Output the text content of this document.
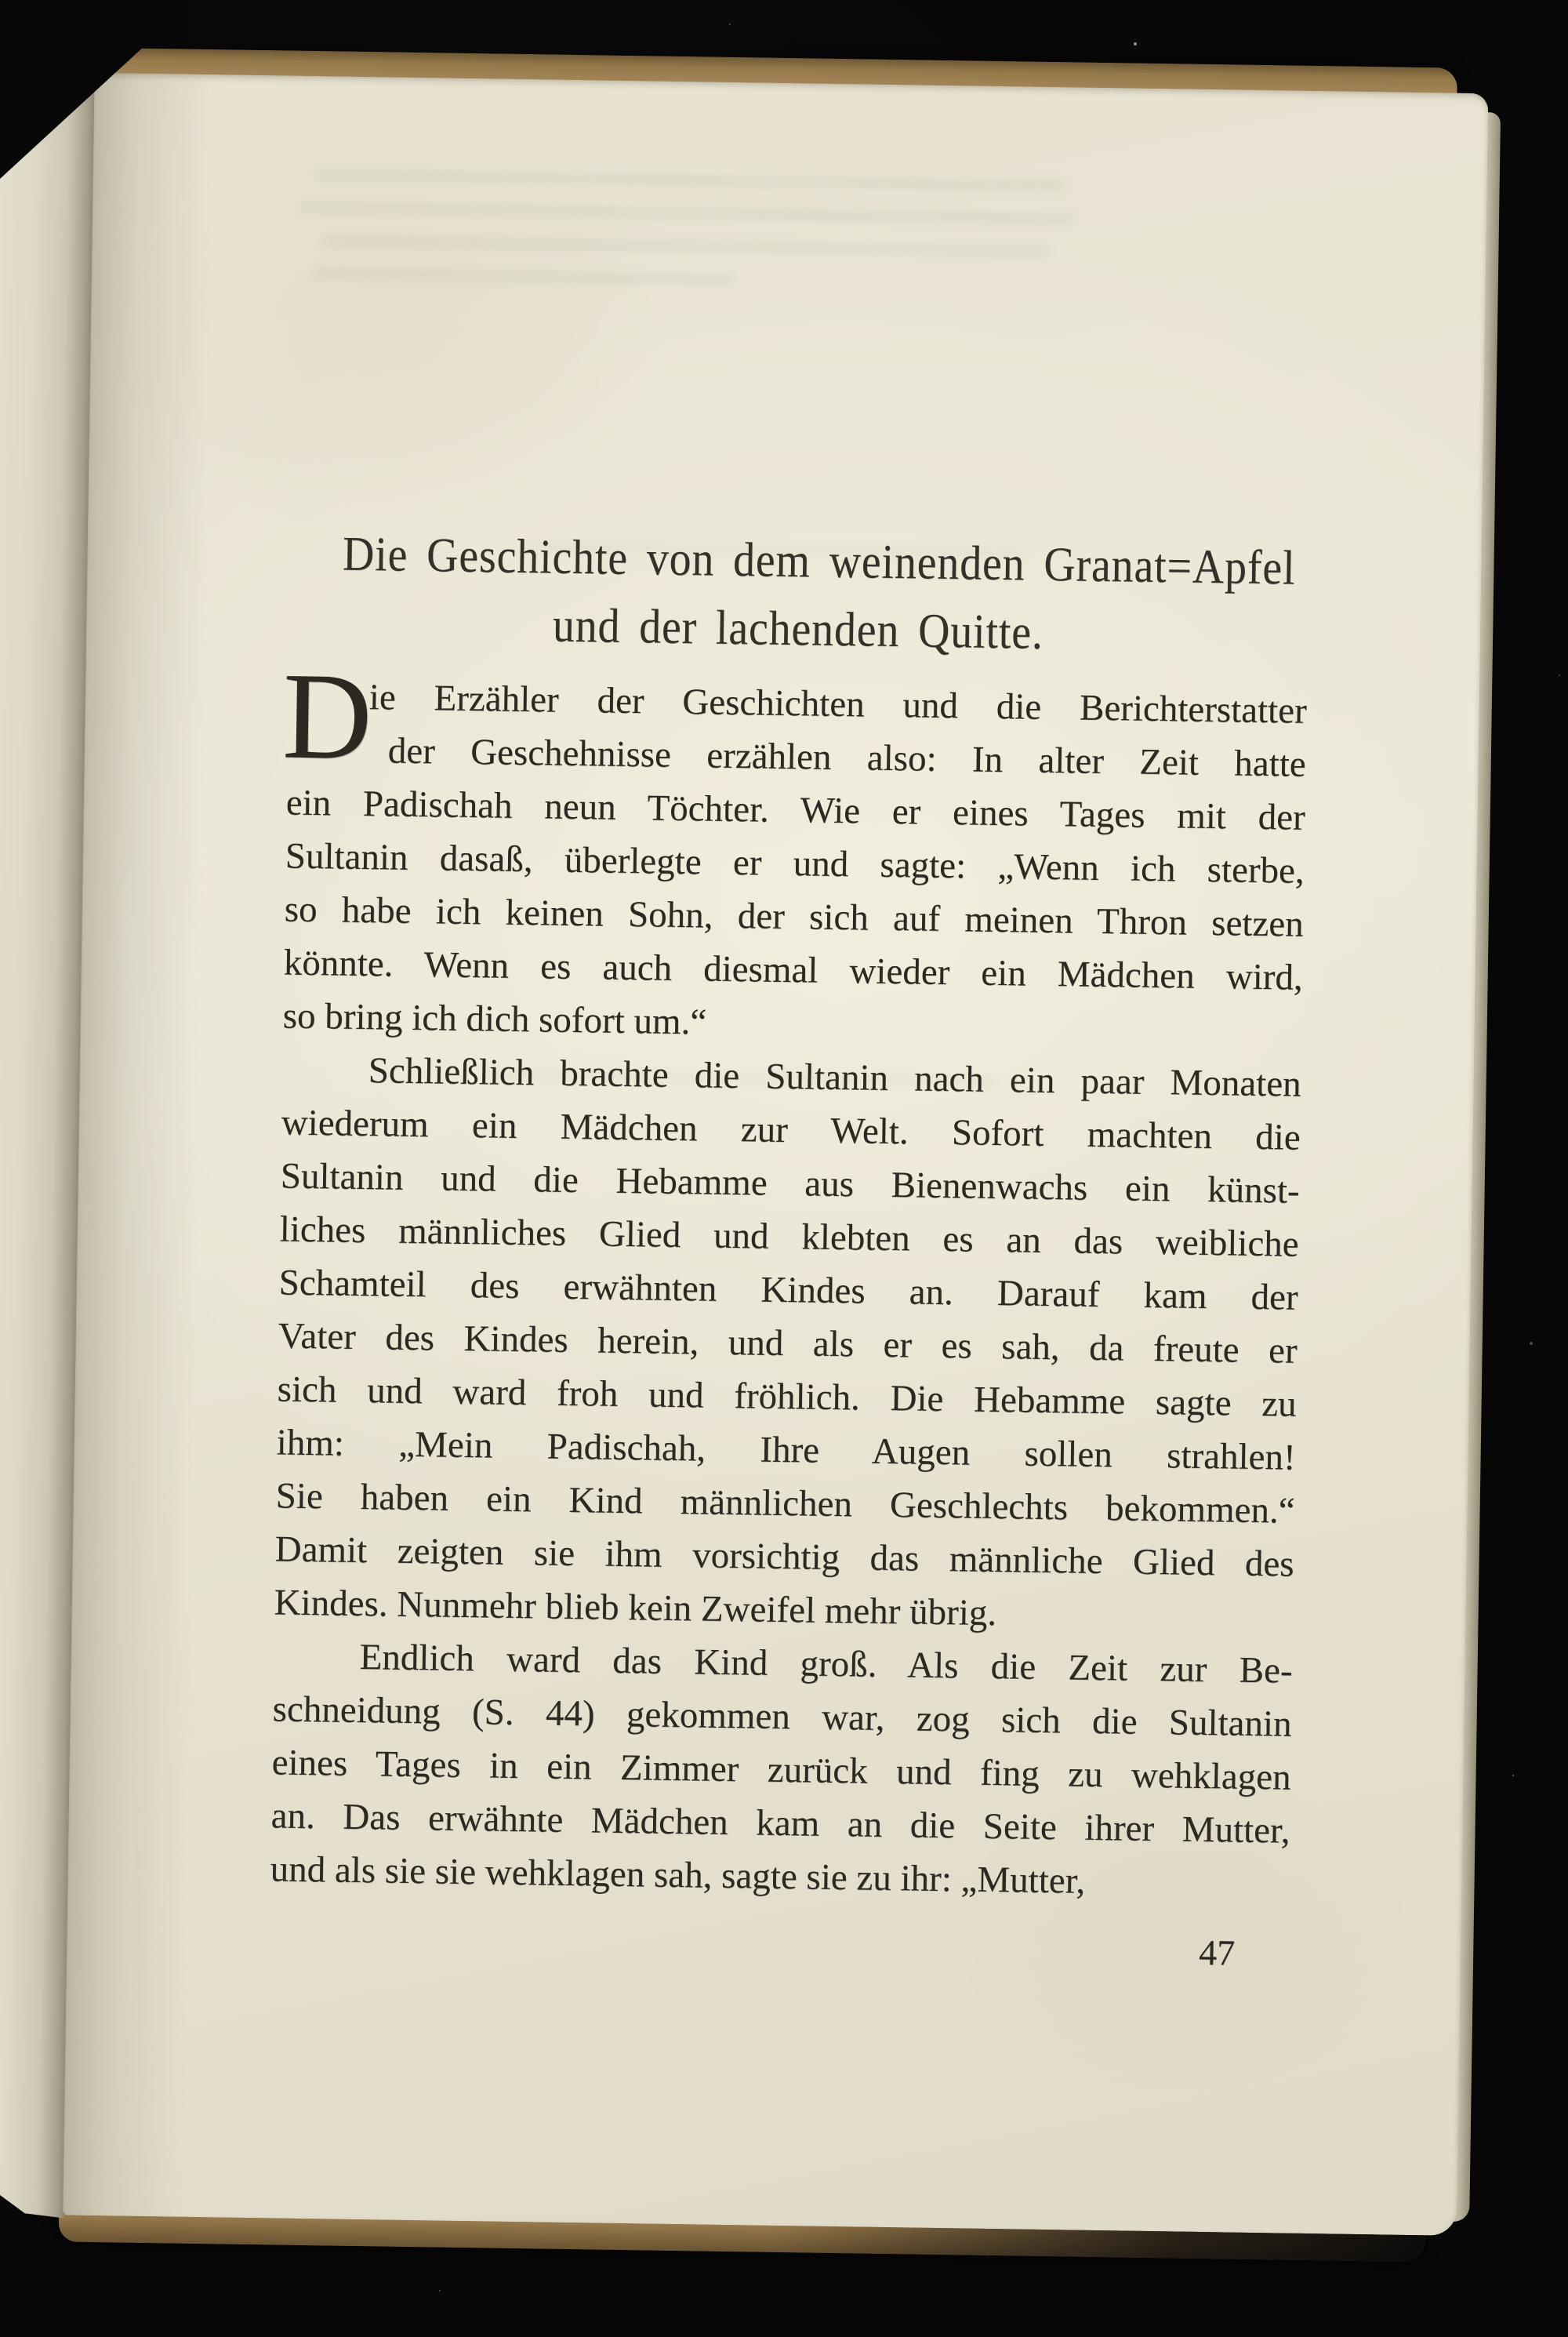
Die Geschichte von dem weinenden Granat=Apfel
und der lachenden Quitte.
D
ie Erzähler der Geschichten und die Berichterstatter
der Geschehnisse erzählen also: In alter Zeit hatte
ein Padischah neun Töchter. Wie er eines Tages mit der
Sultanin dasaß, überlegte er und sagte: „Wenn ich sterbe,
so habe ich keinen Sohn, der sich auf meinen Thron setzen
könnte. Wenn es auch diesmal wieder ein Mädchen wird,
so bring ich dich sofort um.“
Schließlich brachte die Sultanin nach ein paar Monaten
wiederum ein Mädchen zur Welt. Sofort machten die
Sultanin und die Hebamme aus Bienenwachs ein künst-
liches männliches Glied und klebten es an das weibliche
Schamteil des erwähnten Kindes an. Darauf kam der
Vater des Kindes herein, und als er es sah, da freute er
sich und ward froh und fröhlich. Die Hebamme sagte zu
ihm: „Mein Padischah, Ihre Augen sollen strahlen!
Sie haben ein Kind männlichen Geschlechts bekommen.“
Damit zeigten sie ihm vorsichtig das männliche Glied des
Kindes. Nunmehr blieb kein Zweifel mehr übrig.
Endlich ward das Kind groß. Als die Zeit zur Be-
schneidung (S. 44) gekommen war, zog sich die Sultanin
eines Tages in ein Zimmer zurück und fing zu wehklagen
an. Das erwähnte Mädchen kam an die Seite ihrer Mutter,
und als sie sie wehklagen sah, sagte sie zu ihr: „Mutter,
47
